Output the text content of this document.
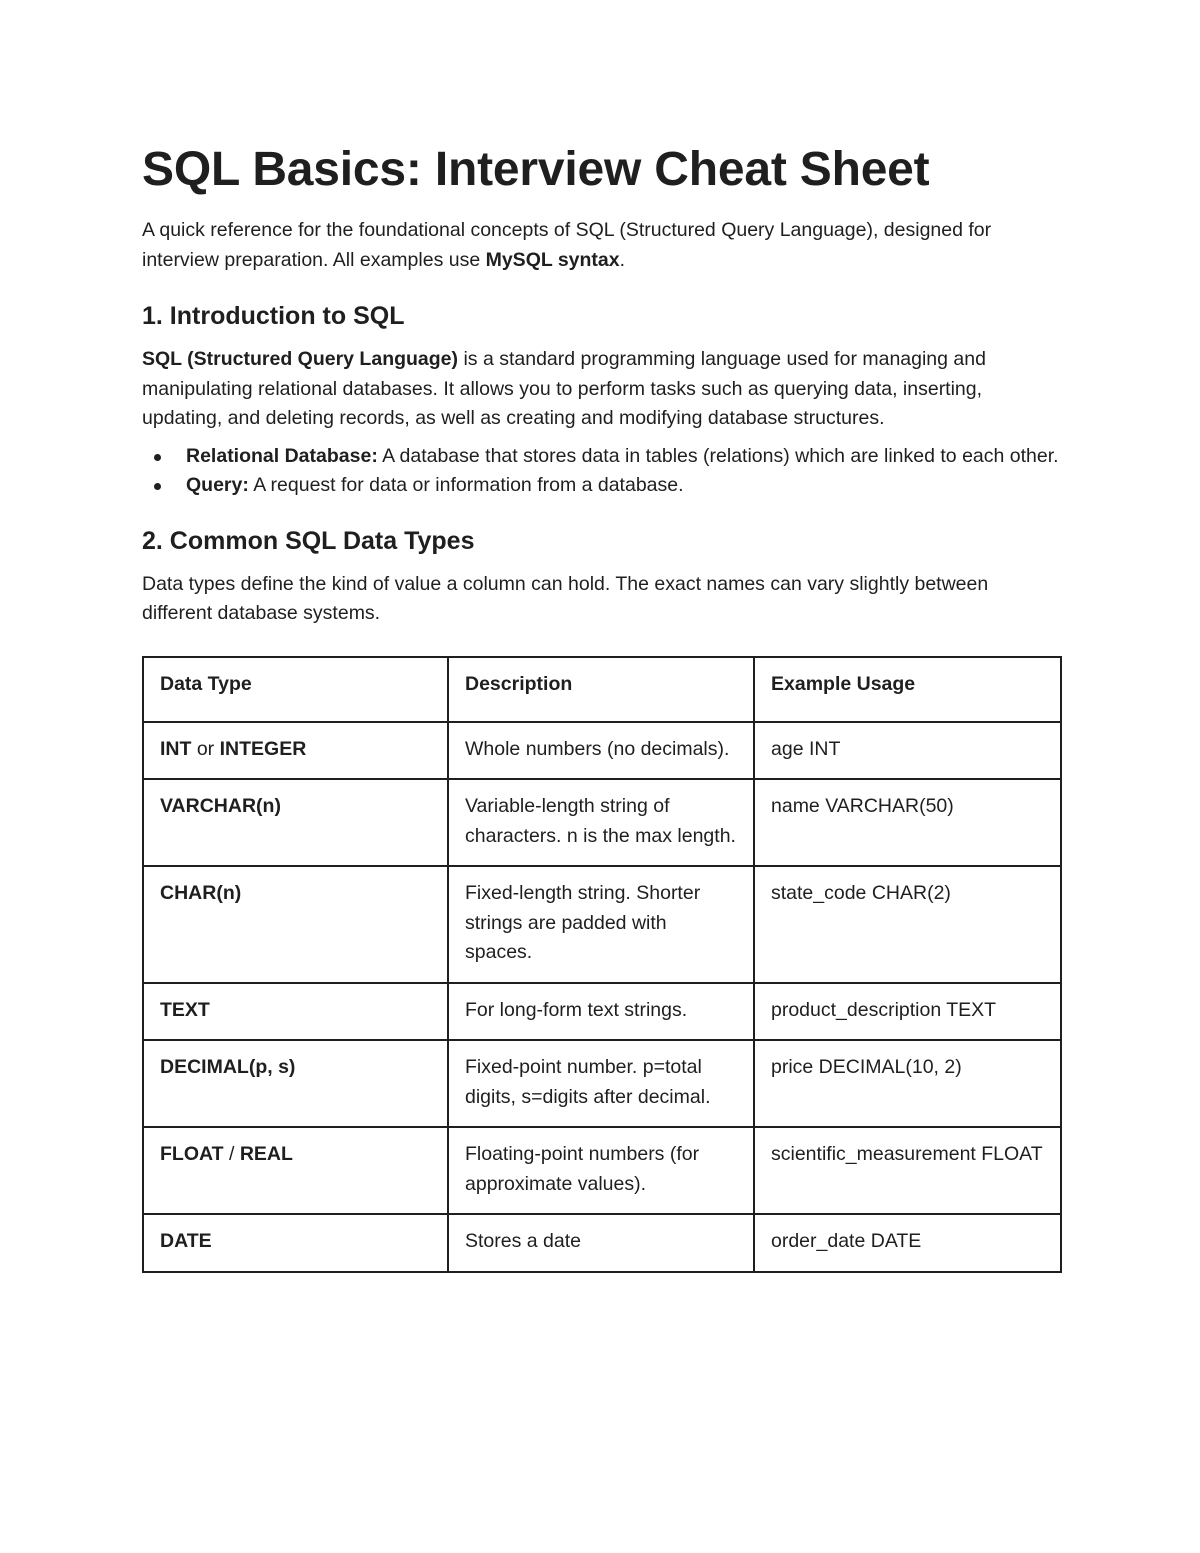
SQL Basics: Interview Cheat Sheet

A quick reference for the foundational concepts of SQL (Structured Query Language), designed for interview preparation. All examples use MySQL syntax.

1. Introduction to SQL

SQL (Structured Query Language) is a standard programming language used for managing and manipulating relational databases. It allows you to perform tasks such as querying data, inserting, updating, and deleting records, as well as creating and modifying database structures.

Relational Database: A database that stores data in tables (relations) which are linked to each other.
Query: A request for data or information from a database.
2. Common SQL Data Types

Data types define the kind of value a column can hold. The exact names can vary slightly between different database systems.

Data Type	Description	Example Usage
INT or INTEGER	Whole numbers (no decimals).	age INT
VARCHAR(n)	Variable-length string of characters. n is the max length.	name VARCHAR(50)
CHAR(n)	Fixed-length string. Shorter strings are padded with spaces.	state_code CHAR(2)
TEXT	For long-form text strings.	product_description TEXT
DECIMAL(p, s)	Fixed-point number. p=total digits, s=digits after decimal.	price DECIMAL(10, 2)
FLOAT / REAL	Floating-point numbers (for approximate values).	scientific_measurement FLOAT
DATE	Stores a date	order_date DATE
